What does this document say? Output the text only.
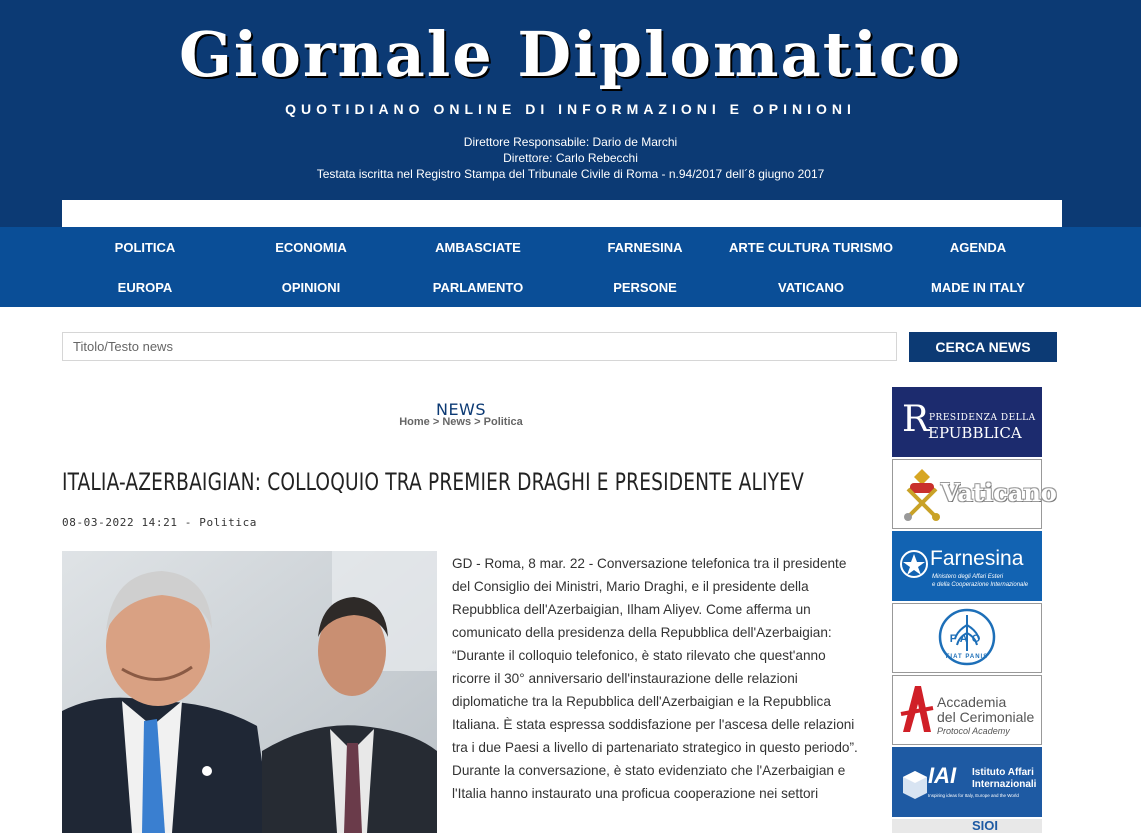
Giornale Diplomatico
QUOTIDIANO ONLINE DI INFORMAZIONI E OPINIONI
Direttore Responsabile: Dario de Marchi
Direttore: Carlo Rebecchi
Testata iscritta nel Registro Stampa del Tribunale Civile di Roma - n.94/2017 dell´8 giugno 2017
POLITICA	ECONOMIA	AMBASCIATE	FARNESINA	ARTE CULTURA TURISMO	AGENDA
EUROPA	OPINIONI	PARLAMENTO	PERSONE	VATICANO	MADE IN ITALY
Titolo/Testo news
CERCA NEWS
NEWS
Home > News > Politica
ITALIA-AZERBAIGIAN: COLLOQUIO TRA PREMIER DRAGHI E PRESIDENTE ALIYEV
08-03-2022 14:21 - Politica

GD - Roma, 8 mar. 22 - Conversazione telefonica tra il presidente del Consiglio dei Ministri, Mario Draghi, e il presidente della Repubblica dell'Azerbaigian, Ilham Aliyev. Come afferma un comunicato della presidenza della Repubblica dell'Azerbaigian: “Durante il colloquio telefonico, è stato rilevato che quest'anno ricorre il 30° anniversario dell'instaurazione delle relazioni diplomatiche tra la Repubblica dell'Azerbaigian e la Repubblica Italiana. È stata espressa soddisfazione per l'ascesa delle relazioni tra i due Paesi a livello di partenariato strategico in questo periodo”.

Durante la conversazione, è stato evidenziato che l'Azerbaigian e l'Italia hanno instaurato una proficua cooperazione nei settori

R PRESIDENZA DELLA
EPUBBLICA
Vaticano
Farnesina
Ministero degli Affari Esteri
e della Cooperazione Internazionale
FAO
FIAT PANIS
Accademia
del Cerimoniale
Protocol Academy
IAI Istituto Affari
Internazionali
Inspiring ideas for Italy, Europe and the World
SIOI
